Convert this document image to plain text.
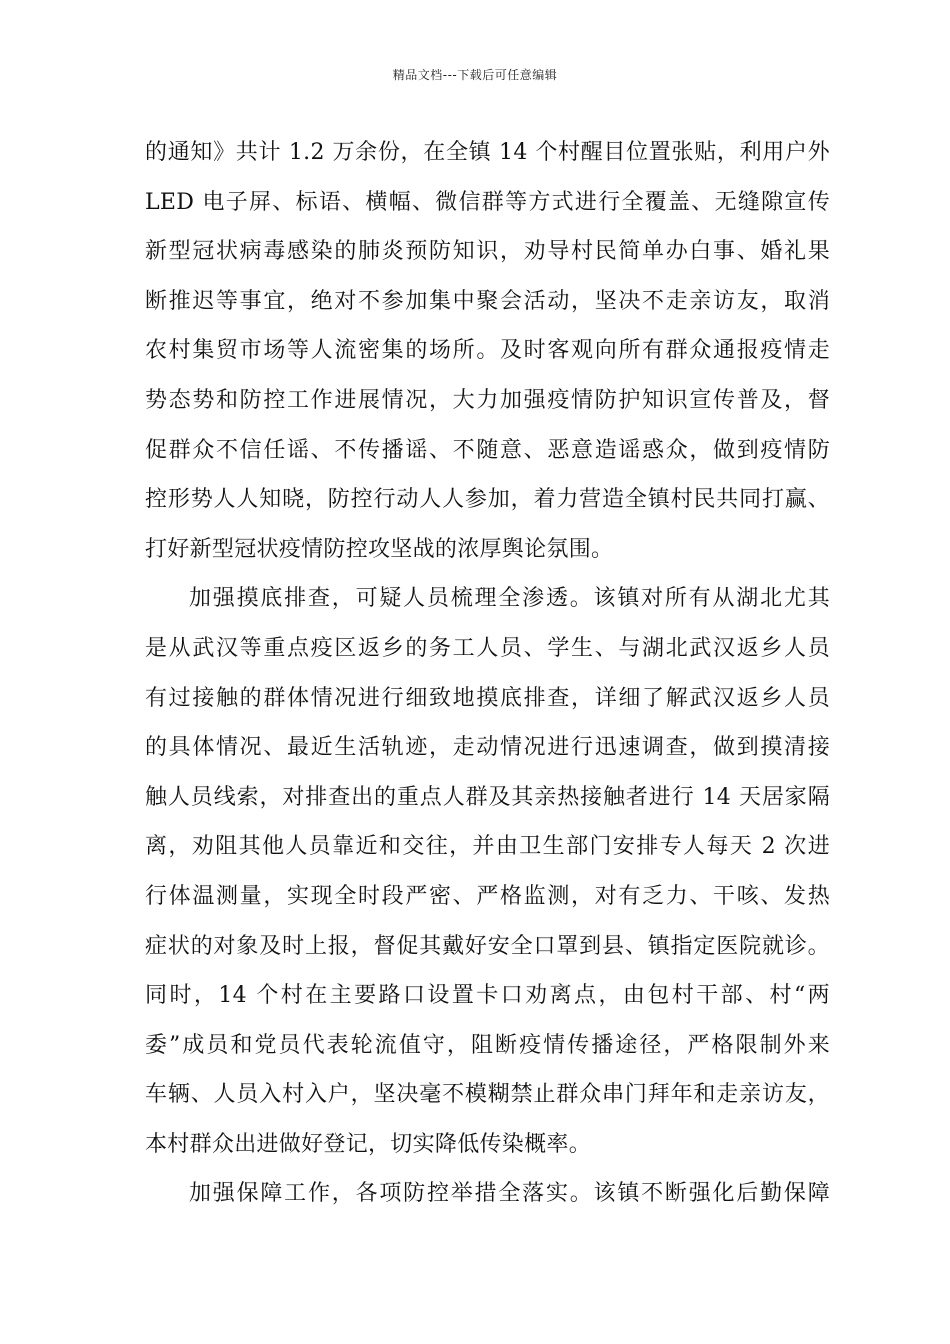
精品文档---下载后可任意编辑
的通知》共计 1.2 万余份，在全镇 14 个村醒目位置张贴，利用户外
LED 电子屏、标语、横幅、微信群等方式进行全覆盖、无缝隙宣传
新型冠状病毒感染的肺炎预防知识，劝导村民简单办白事、婚礼果
断推迟等事宜，绝对不参加集中聚会活动，坚决不走亲访友，取消
农村集贸市场等人流密集的场所。及时客观向所有群众通报疫情走
势态势和防控工作进展情况，大力加强疫情防护知识宣传普及，督
促群众不信任谣、不传播谣、不随意、恶意造谣惑众，做到疫情防
控形势人人知晓，防控行动人人参加，着力营造全镇村民共同打赢、
打好新型冠状疫情防控攻坚战的浓厚舆论氛围。
加强摸底排查，可疑人员梳理全渗透。该镇对所有从湖北尤其
是从武汉等重点疫区返乡的务工人员、学生、与湖北武汉返乡人员
有过接触的群体情况进行细致地摸底排查，详细了解武汉返乡人员
的具体情况、最近生活轨迹，走动情况进行迅速调查，做到摸清接
触人员线索，对排查出的重点人群及其亲热接触者进行 14 天居家隔
离，劝阻其他人员靠近和交往，并由卫生部门安排专人每天 2 次进
行体温测量，实现全时段严密、严格监测，对有乏力、干咳、发热
症状的对象及时上报，督促其戴好安全口罩到县、镇指定医院就诊。
同时，14 个村在主要路口设置卡口劝离点，由包村干部、村“两
委”成员和党员代表轮流值守，阻断疫情传播途径，严格限制外来
车辆、人员入村入户，坚决毫不模糊禁止群众串门拜年和走亲访友，
本村群众出进做好登记，切实降低传染概率。
加强保障工作，各项防控举措全落实。该镇不断强化后勤保障
